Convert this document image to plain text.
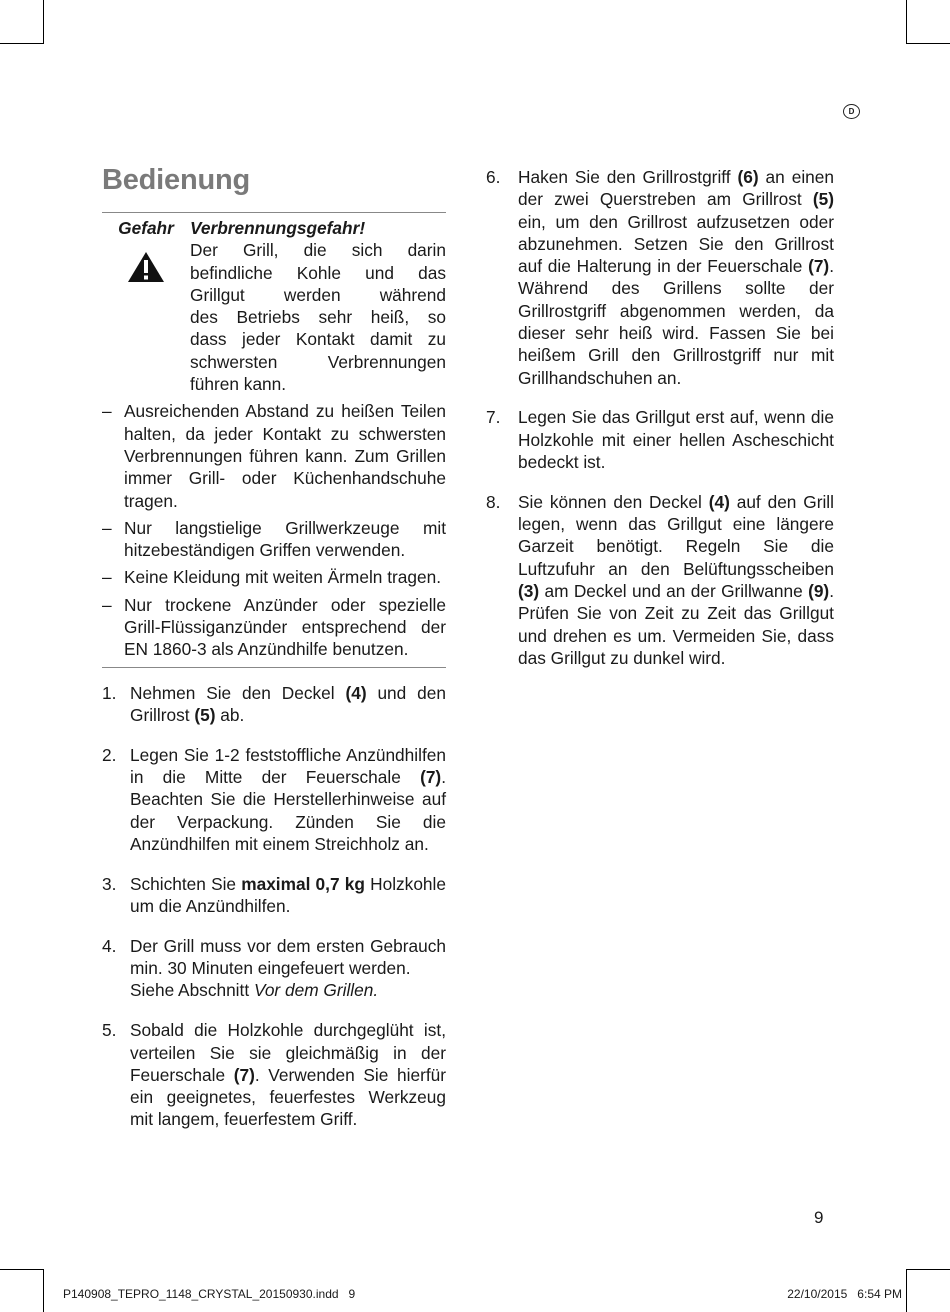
D
Bedienung
Gefahr Verbrennungsgefahr!
Der Grill, die sich darin
befindliche Kohle und das
Grillgut werden während
des Betriebs sehr heiß, so
dass jeder Kontakt damit zu
schwersten Verbrennungen
führen kann.
– Ausreichenden Abstand zu heißen Teilen halten, da jeder Kontakt zu schwersten Verbrennungen führen kann. Zum Grillen immer Grill- oder Küchenhandschuhe tragen.
– Nur langstielige Grillwerkzeuge mit hitzebeständigen Griffen verwenden.
– Keine Kleidung mit weiten Ärmeln tragen.
– Nur trockene Anzünder oder spezielle Grill-Flüssiganzünder entsprechend der EN 1860-3 als Anzündhilfe benutzen.
1. Nehmen Sie den Deckel (4) und den Grillrost (5) ab.
2. Legen Sie 1-2 feststoffliche Anzündhilfen in die Mitte der Feuerschale (7). Beachten Sie die Herstellerhinweise auf der Verpackung. Zünden Sie die Anzündhilfen mit einem Streichholz an.
3. Schichten Sie maximal 0,7 kg Holzkohle um die Anzündhilfen.
4. Der Grill muss vor dem ersten Gebrauch min. 30 Minuten eingefeuert werden.
Siehe Abschnitt Vor dem Grillen.
5. Sobald die Holzkohle durchgeglüht ist, verteilen Sie sie gleichmäßig in der Feuerschale (7). Verwenden Sie hierfür ein geeignetes, feuerfestes Werkzeug mit langem, feuerfestem Griff.
6.	Haken Sie den Grillrostgriff (6) an einen der zwei Querstreben am Grillrost (5) ein, um den Grillrost aufzusetzen oder abzunehmen. Setzen Sie den Grillrost auf die Halterung in der Feuerschale (7). Während des Grillens sollte der Grillrostgriff abgenommen werden, da dieser sehr heiß wird. Fassen Sie bei heißem Grill den Grillrostgriff nur mit Grillhandschuhen an.
7.	Legen Sie das Grillgut erst auf, wenn die Holzkohle mit einer hellen Ascheschicht bedeckt ist.
8.	Sie können den Deckel (4) auf den Grill legen, wenn das Grillgut eine längere Garzeit benötigt. Regeln Sie die Luftzufuhr an den Belüftungsscheiben (3) am Deckel und an der Grillwanne (9). Prüfen Sie von Zeit zu Zeit das Grillgut und drehen es um. Vermeiden Sie, dass das Grillgut zu dunkel wird.
9
P140908_TEPRO_1148_CRYSTAL_20150930.indd   9	22/10/2015   6:54 PM
